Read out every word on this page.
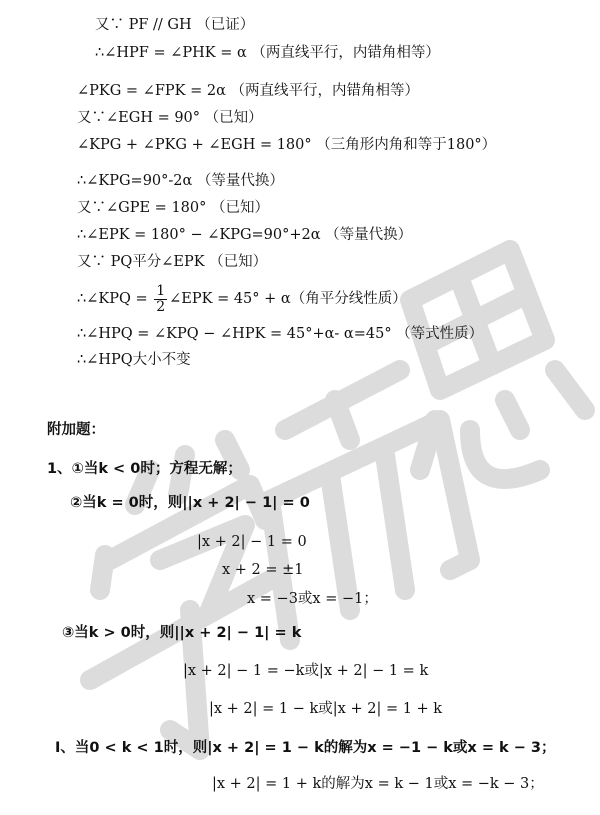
又∵ PF // GH （已证）
∴∠HPF = ∠PHK = α （两直线平行，内错角相等）
∠PKG = ∠FPK = 2α （两直线平行，内错角相等）
又∵∠EGH = 90° （已知）
∠KPG + ∠PKG + ∠EGH = 180° （三角形内角和等于180°）
∴∠KPG=90°-2α （等量代换）
又∵∠GPE = 180° （已知）
∴∠EPK = 180° − ∠KPG=90°+2α （等量代换）
又∵ PQ平分∠EPK （已知）
∴∠KPQ = $\frac{1}{2}$ ∠EPK = 45° + α（角平分线性质）
∴∠HPQ = ∠KPQ − ∠HPK = 45°+α- α=45° （等式性质）
∴∠HPQ大小不变
附加题：
1、①当k < 0时；方程无解；
②当k = 0时，则||x + 2| − 1| = 0
|x + 2| − 1 = 0
x + 2 = ±1
x = −3或x = −1；
③当k > 0时，则||x + 2| − 1| = k
|x + 2| − 1 = −k或|x + 2| − 1 = k
|x + 2| = 1 − k或|x + 2| = 1 + k
Ⅰ、当0 < k < 1时，则|x + 2| = 1 − k的解为x = −1 − k或x = k − 3；
|x + 2| = 1 + k的解为x = k − 1或x = −k − 3；
